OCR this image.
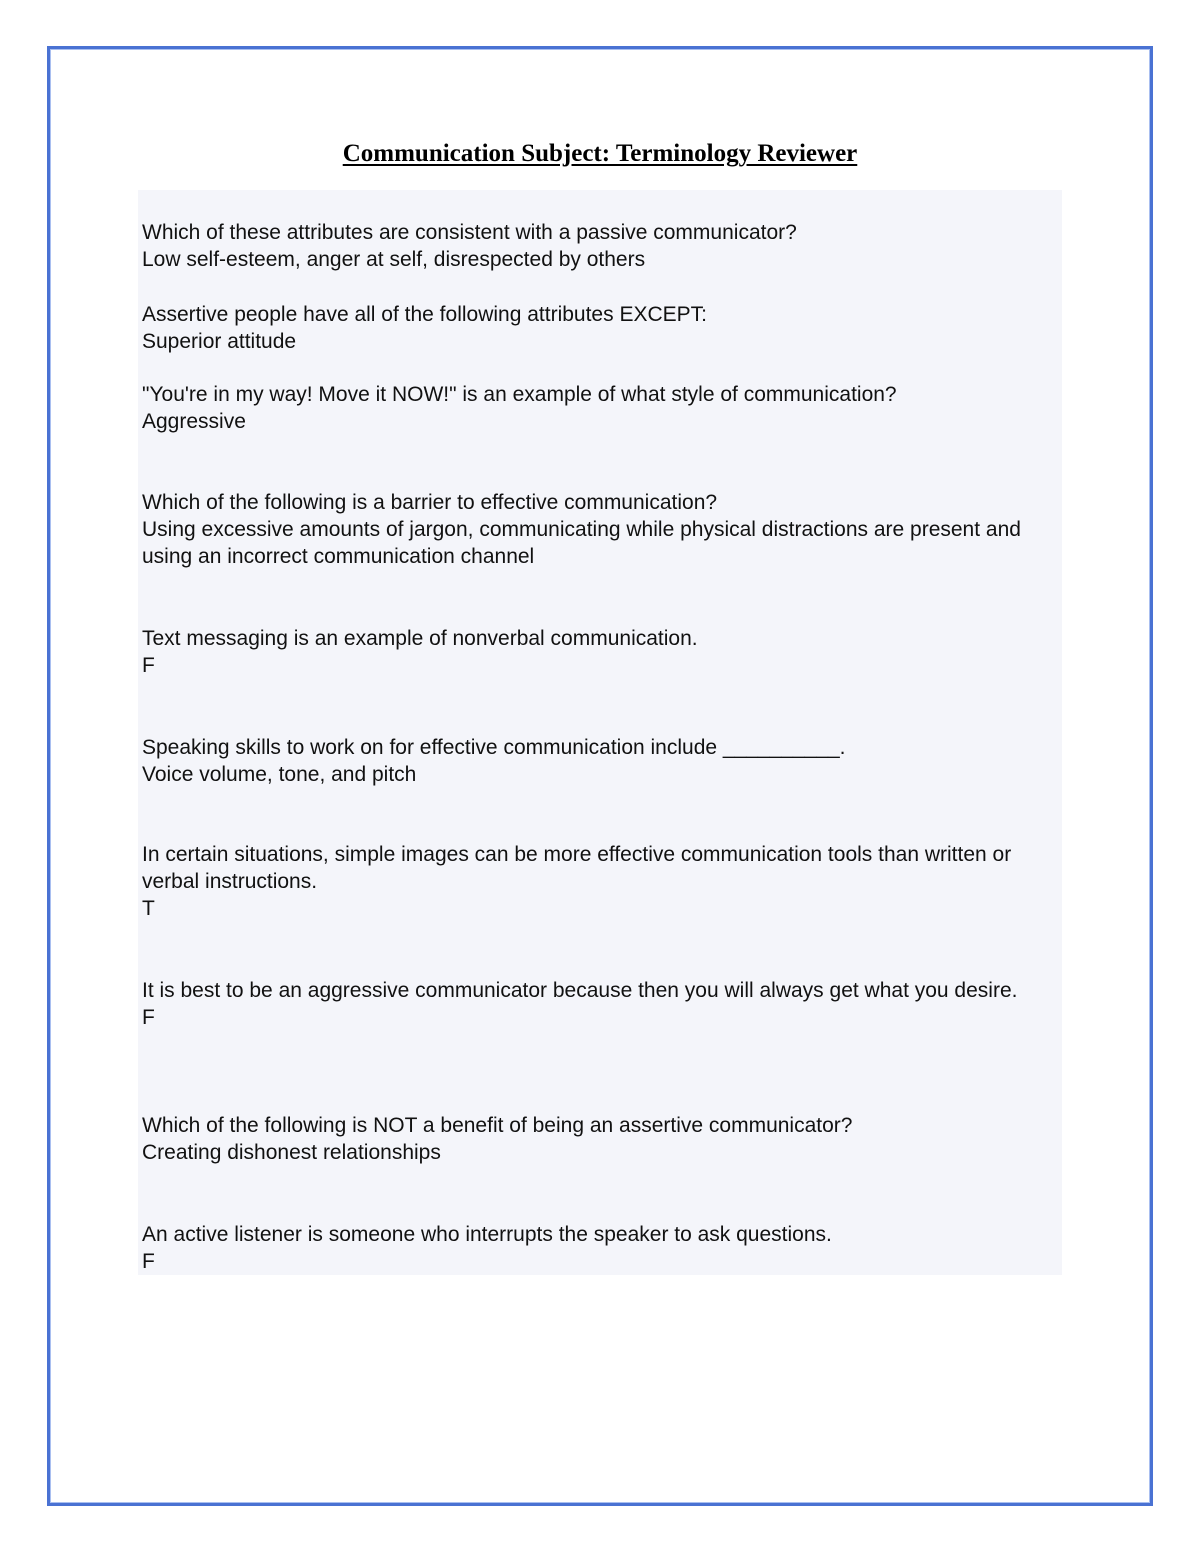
Communication Subject: Terminology Reviewer
Which of these attributes are consistent with a passive communicator?
Low self-esteem, anger at self, disrespected by others
Assertive people have all of the following attributes EXCEPT:
Superior attitude
"You're in my way! Move it NOW!" is an example of what style of communication?
Aggressive
Which of the following is a barrier to effective communication?
Using excessive amounts of jargon, communicating while physical distractions are present and using an incorrect communication channel
Text messaging is an example of nonverbal communication.
F
Speaking skills to work on for effective communication include __________.
Voice volume, tone, and pitch
In certain situations, simple images can be more effective communication tools than written or verbal instructions.
T
It is best to be an aggressive communicator because then you will always get what you desire.
F
Which of the following is NOT a benefit of being an assertive communicator?
Creating dishonest relationships
An active listener is someone who interrupts the speaker to ask questions.
F
